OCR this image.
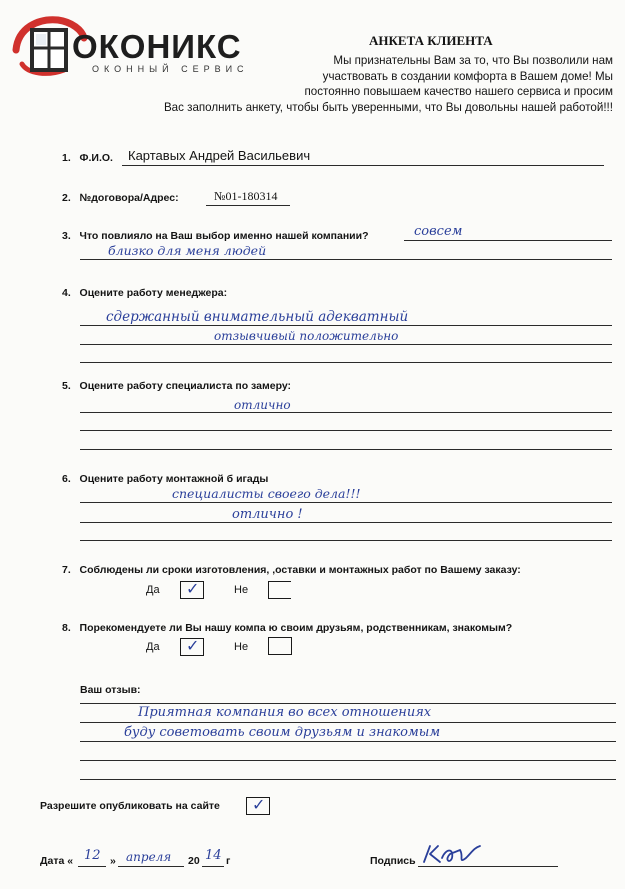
ОКОНИКС
ОКОННЫЙ СЕРВИС
АНКЕТА КЛИЕНТА
Мы признательны Вам за то, что Вы позволили нам
участвовать в создании комфорта в Вашем доме! Мы
постоянно повышаем качество нашего сервиса и просим
Вас заполнить анкету, чтобы быть уверенными, что Вы довольны нашей работой!!!
1. Ф.И.О. Картавых Андрей Васильевич
2. №договора/Адрес:	№01-180314
3. Что повлияло на Ваш выбор именно нашей компании?	совсем
близко для меня людей
4. Оцените работу менеджера:
сдержанный внимательный адекватный
отзывчивый положительно
5. Оцените работу специалиста по замеру:
отлично
6. Оцените работу монтажной б игады
специалисты своего дела!!!
отлично !
7. Соблюдены ли сроки изготовления, ,оставки и монтажных работ по Вашему заказу:
Да ✓	Не
8. Порекомендуете ли Вы нашу компа ю своим друзьям, родственникам, знакомым?
Да ✓	Не
Ваш отзыв:
Приятная компания во всех отношениях
буду советовать своим друзьям и знакомым
Разрешите опубликовать на сайте ✓
Дата « 12 » апреля 20 14 г	Подпись
